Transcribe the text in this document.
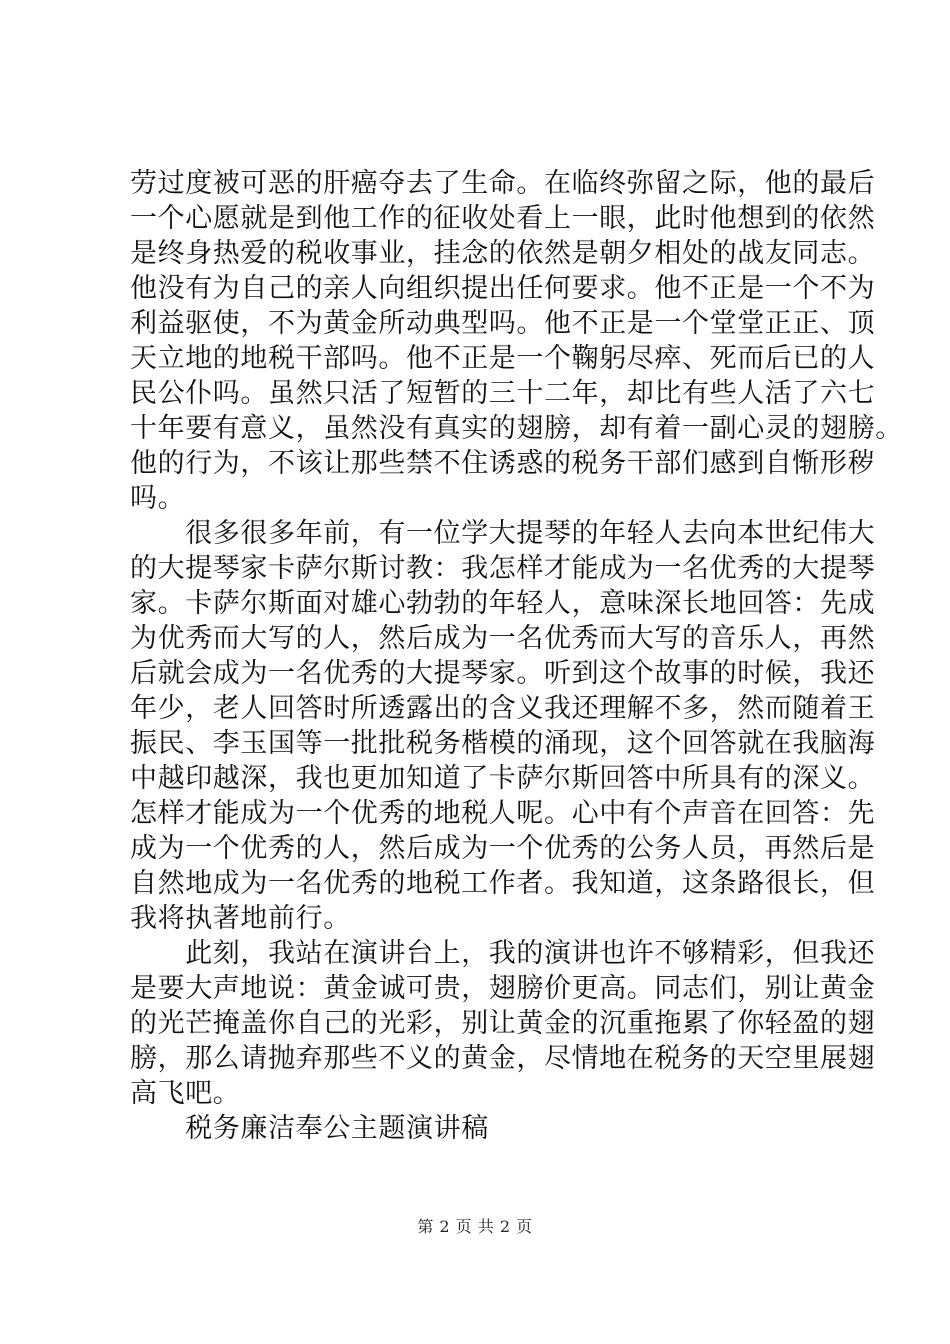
劳过度被可恶的肝癌夺去了生命。在临终弥留之际，他的最后
一个心愿就是到他工作的征收处看上一眼，此时他想到的依然
是终身热爱的税收事业，挂念的依然是朝夕相处的战友同志。
他没有为自己的亲人向组织提出任何要求。他不正是一个不为
利益驱使，不为黄金所动典型吗。他不正是一个堂堂正正、顶
天立地的地税干部吗。他不正是一个鞠躬尽瘁、死而后已的人
民公仆吗。虽然只活了短暂的三十二年，却比有些人活了六七
十年要有意义，虽然没有真实的翅膀，却有着一副心灵的翅膀。
他的行为，不该让那些禁不住诱惑的税务干部们感到自惭形秽
吗。
　　很多很多年前，有一位学大提琴的年轻人去向本世纪伟大
的大提琴家卡萨尔斯讨教：我怎样才能成为一名优秀的大提琴
家。卡萨尔斯面对雄心勃勃的年轻人，意味深长地回答：先成
为优秀而大写的人，然后成为一名优秀而大写的音乐人，再然
后就会成为一名优秀的大提琴家。听到这个故事的时候，我还
年少，老人回答时所透露出的含义我还理解不多，然而随着王
振民、李玉国等一批批税务楷模的涌现，这个回答就在我脑海
中越印越深，我也更加知道了卡萨尔斯回答中所具有的深义。
怎样才能成为一个优秀的地税人呢。心中有个声音在回答：先
成为一个优秀的人，然后成为一个优秀的公务人员，再然后是
自然地成为一名优秀的地税工作者。我知道，这条路很长，但
我将执著地前行。
　　此刻，我站在演讲台上，我的演讲也许不够精彩，但我还
是要大声地说：黄金诚可贵，翅膀价更高。同志们，别让黄金
的光芒掩盖你自己的光彩，别让黄金的沉重拖累了你轻盈的翅
膀，那么请抛弃那些不义的黄金，尽情地在税务的天空里展翅
高飞吧。
　　税务廉洁奉公主题演讲稿
第 2 页 共 2 页
